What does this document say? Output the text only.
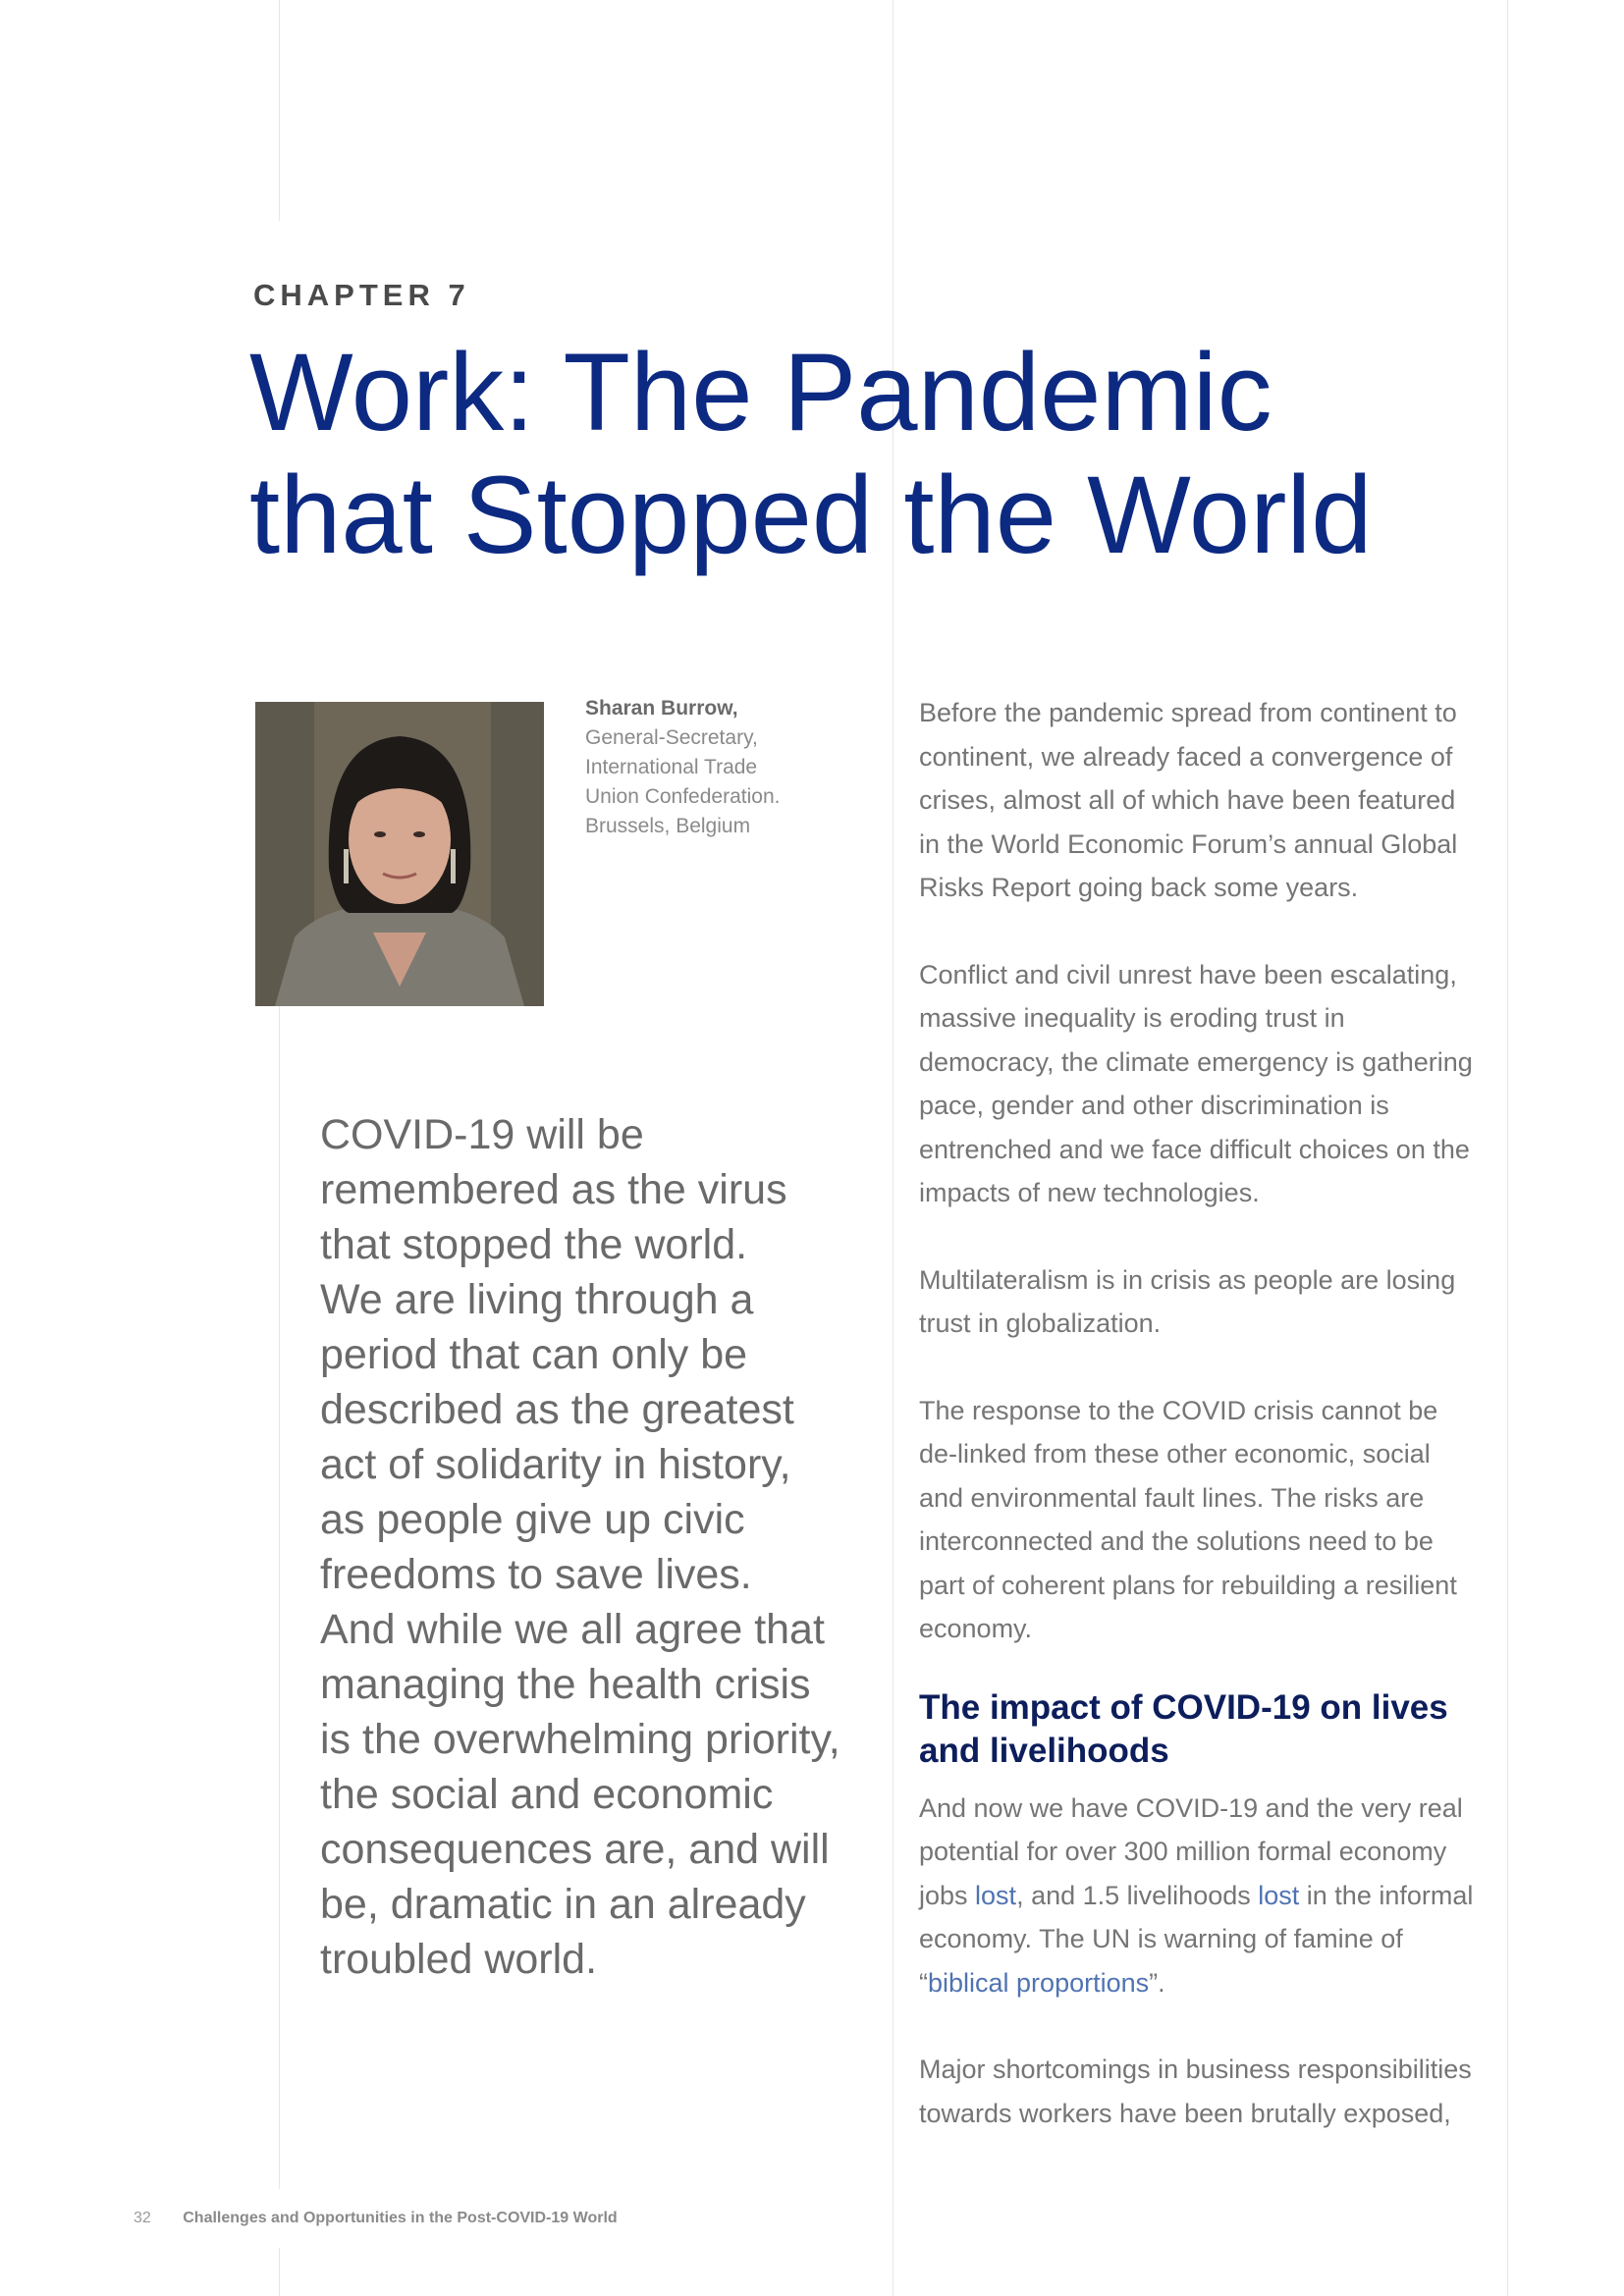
CHAPTER 7
Work: The Pandemic
that Stopped the World
Sharan Burrow,
General-Secretary,
International Trade
Union Confederation.
Brussels, Belgium
COVID-19 will be
remembered as the virus
that stopped the world.
We are living through a
period that can only be
described as the greatest
act of solidarity in history,
as people give up civic
freedoms to save lives.
And while we all agree that
managing the health crisis
is the overwhelming priority,
the social and economic
consequences are, and will
be, dramatic in an already
troubled world.

Before the pandemic spread from continent to
continent, we already faced a convergence of
crises, almost all of which have been featured
in the World Economic Forum’s annual Global
Risks Report going back some years.

Conflict and civil unrest have been escalating,
massive inequality is eroding trust in
democracy, the climate emergency is gathering
pace, gender and other discrimination is
entrenched and we face difficult choices on the
impacts of new technologies.

Multilateralism is in crisis as people are losing
trust in globalization.

The response to the COVID crisis cannot be
de-linked from these other economic, social
and environmental fault lines. The risks are
interconnected and the solutions need to be
part of coherent plans for rebuilding a resilient
economy.

The impact of COVID-19 on lives
and livelihoods

And now we have COVID-19 and the very real
potential for over 300 million formal economy
jobs lost, and 1.5 livelihoods lost in the informal
economy. The UN is warning of famine of
“biblical proportions”.

Major shortcomings in business responsibilities
towards workers have been brutally exposed,

32 Challenges and Opportunities in the Post-COVID-19 World
